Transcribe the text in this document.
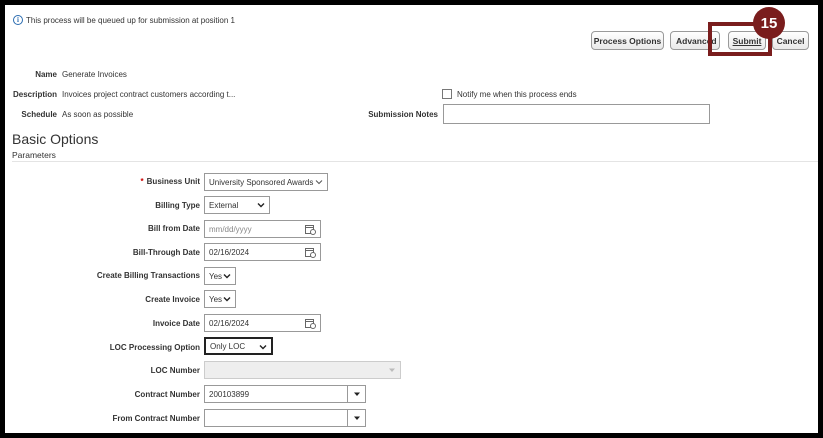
i This process will be queued up for submission at position 1
Process Options	Advanced	Submit	Cancel
15
Name Generate Invoices
Description Invoices project contract customers according t...
Schedule As soon as possible
Notify me when this process ends
Submission Notes
Basic Options
Parameters
* Business Unit University Sponsored Awards
Billing Type External
Bill from Date mm/dd/yyyy
Bill-Through Date 02/16/2024
Create Billing Transactions Yes
Create Invoice Yes
Invoice Date 02/16/2024
LOC Processing Option Only LOC
LOC Number
Contract Number 200103899
From Contract Number
